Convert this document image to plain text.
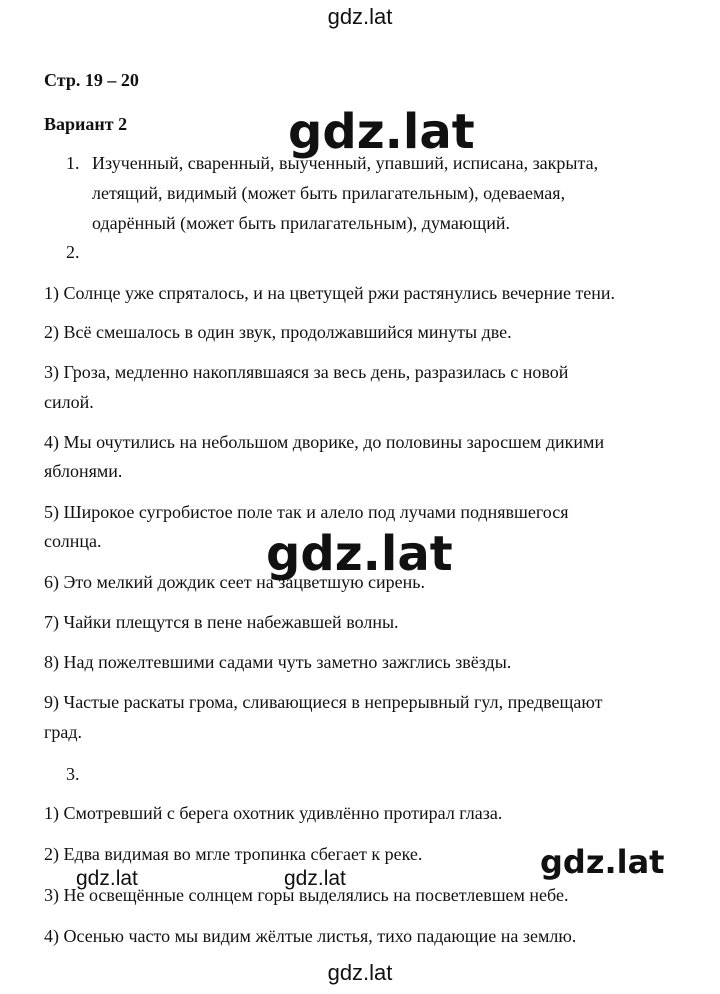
gdz.lat
Стр. 19 – 20
Вариант 2
1. Изученный, сваренный, выученный, упавший, исписана, закрыта,
летящий, видимый (может быть прилагательным), одеваемая,
одарённый (может быть прилагательным), думающий.
2.
1) Солнце уже спряталось, и на цветущей ржи растянулись вечерние тени.
2) Всё смешалось в один звук, продолжавшийся минуты две.
3) Гроза, медленно накоплявшаяся за весь день, разразилась с новой
силой.
4) Мы очутились на небольшом дворике, до половины заросшем дикими
яблонями.
5) Широкое сугробистое поле так и алело под лучами поднявшегося
солнца.
6) Это мелкий дождик сеет на зацветшую сирень.
7) Чайки плещутся в пене набежавшей волны.
8) Над пожелтевшими садами чуть заметно зажглись звёзды.
9) Частые раскаты грома, сливающиеся в непрерывный гул, предвещают
град.
3.
1) Смотревший с берега охотник удивлённо протирал глаза.
2) Едва видимая во мгле тропинка сбегает к реке.
3) Не освещённые солнцем горы выделялись на посветлевшем небе.
4) Осенью часто мы видим жёлтые листья, тихо падающие на землю.
gdz.lat
gdz.lat
gdz.lat
gdz.lat	gdz.lat
gdz.lat
